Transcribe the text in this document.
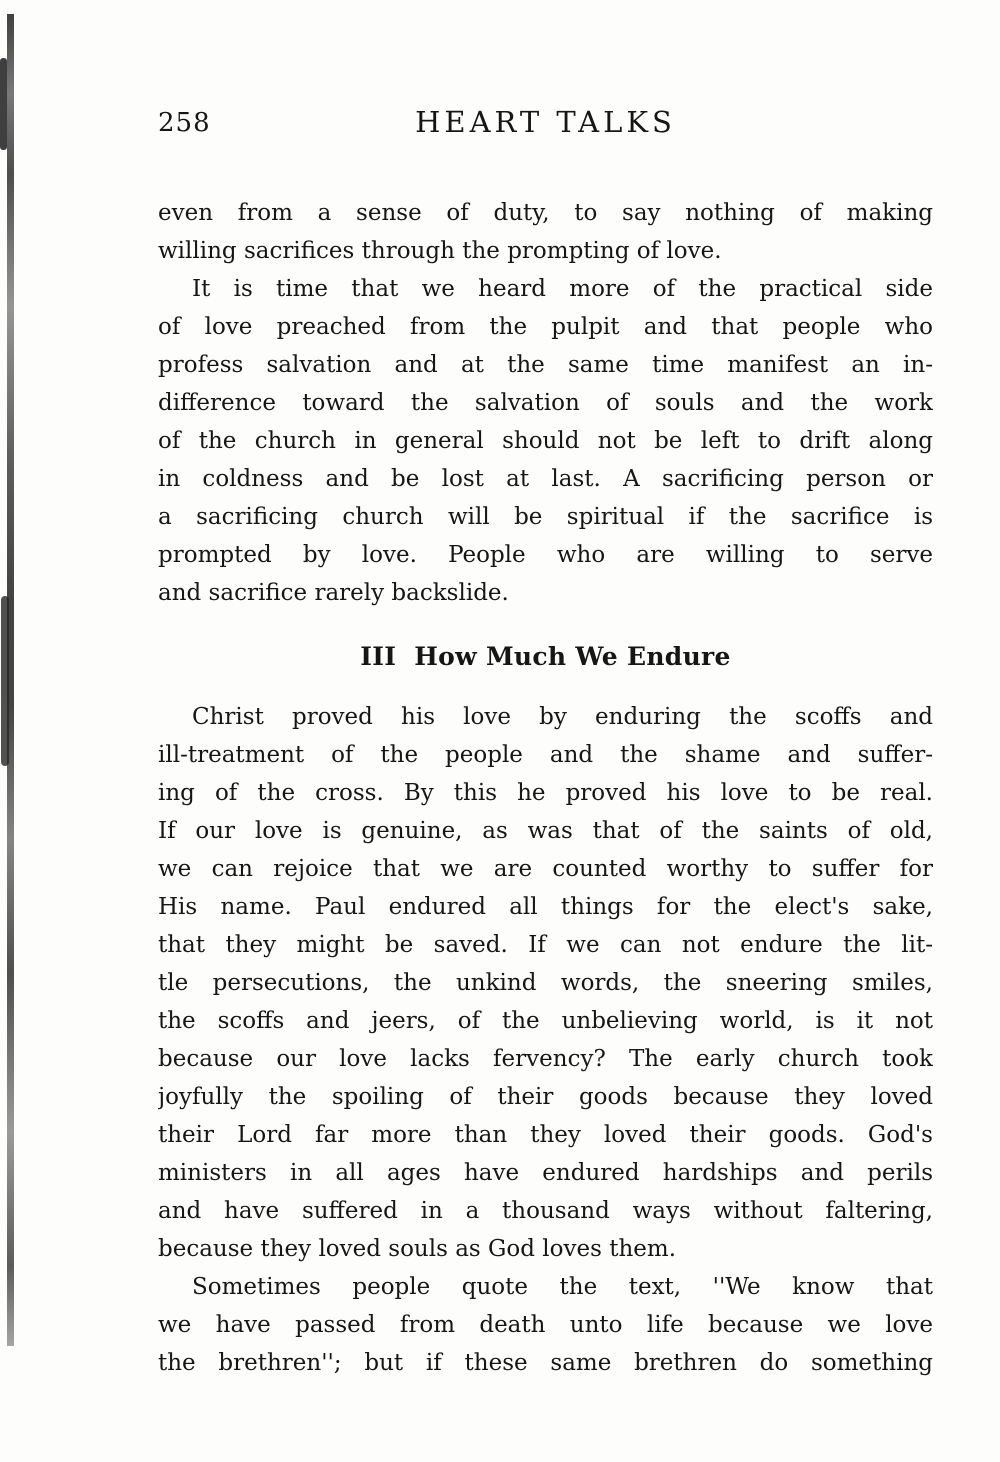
258	HEART TALKS
even from a sense of duty, to say nothing of making
willing sacrifices through the prompting of love.
It is time that we heard more of the practical side
of love preached from the pulpit and that people who
profess salvation and at the same time manifest an in-
difference toward the salvation of souls and the work
of the church in general should not be left to drift along
in coldness and be lost at last. A sacrificing person or
a sacrificing church will be spiritual if the sacrifice is
prompted by love. People who are willing to serve
and sacrifice rarely backslide.
III  How Much We Endure
Christ proved his love by enduring the scoffs and
ill-treatment of the people and the shame and suffer-
ing of the cross. By this he proved his love to be real.
If our love is genuine, as was that of the saints of old,
we can rejoice that we are counted worthy to suffer for
His name. Paul endured all things for the elect's sake,
that they might be saved. If we can not endure the lit-
tle persecutions, the unkind words, the sneering smiles,
the scoffs and jeers, of the unbelieving world, is it not
because our love lacks fervency? The early church took
joyfully the spoiling of their goods because they loved
their Lord far more than they loved their goods. God's
ministers in all ages have endured hardships and perils
and have suffered in a thousand ways without faltering,
because they loved souls as God loves them.
Sometimes people quote the text, ''We know that
we have passed from death unto life because we love
the brethren''; but if these same brethren do something
